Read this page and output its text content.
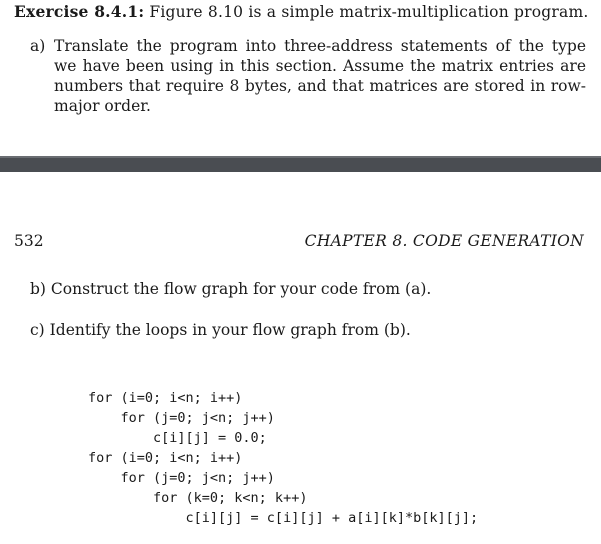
Exercise 8.4.1: Figure 8.10 is a simple matrix-multiplication program.
a) Translate the program into three-address statements of the type we have been using in this section. Assume the matrix entries are numbers that require 8 bytes, and that matrices are stored in row-major order.
532	CHAPTER 8. CODE GENERATION
b) Construct the flow graph for your code from (a).
c) Identify the loops in your flow graph from (b).
for (i=0; i<n; i++)
for (j=0; j<n; j++)
c[i][j] = 0.0;
for (i=0; i<n; i++)
for (j=0; j<n; j++)
for (k=0; k<n; k++)
c[i][j] = c[i][j] + a[i][k]*b[k][j];
